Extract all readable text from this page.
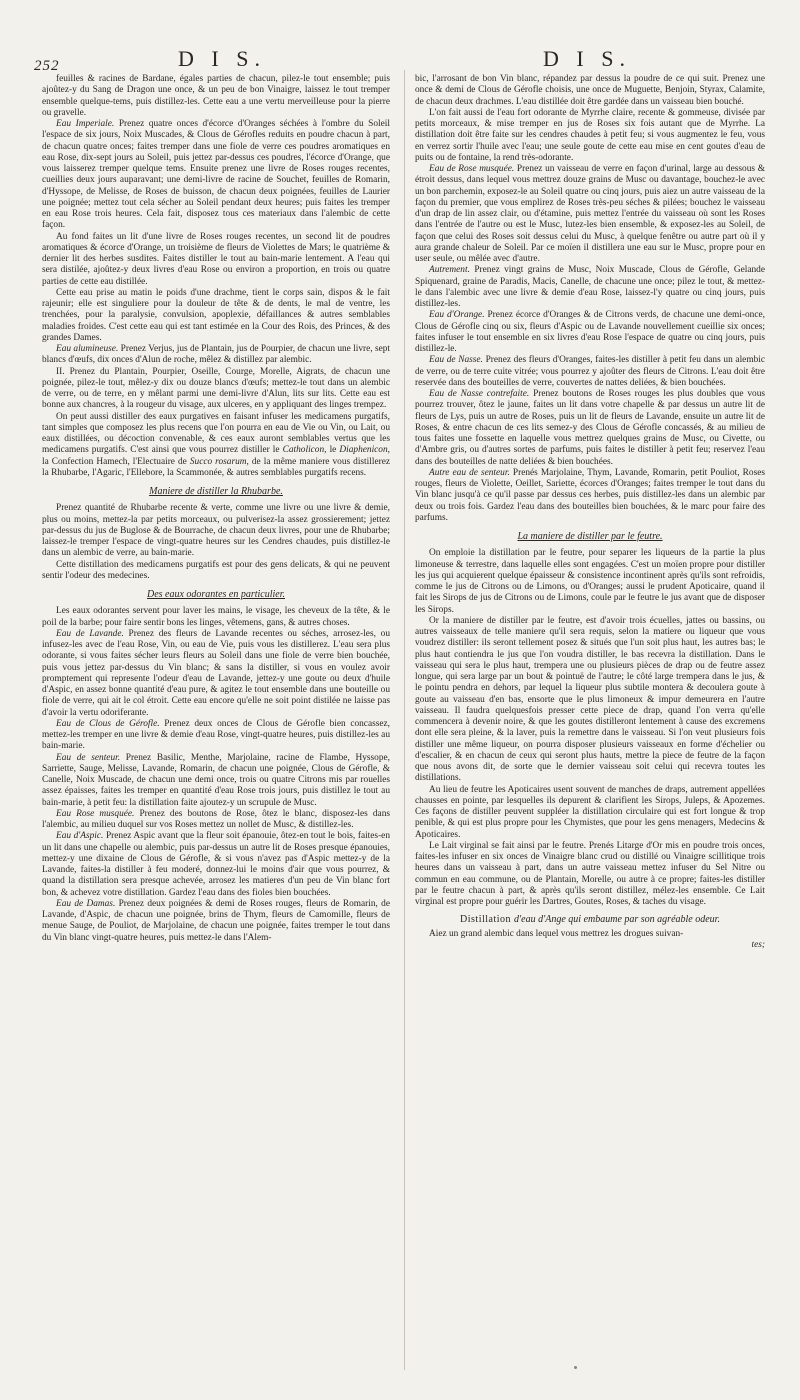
252	D I S.	D I S.

feuilles & racines de Bardane, égales parties de chacun, pilez-le tout ensemble; puis ajoûtez-y du Sang de Dragon une once, & un peu de bon Vinaigre, laissez le tout tremper ensemble quelque-tems, puis distillez-les. Cette eau a une vertu merveilleuse pour la pierre ou gravelle.

Eau Imperiale. Prenez quatre onces d'écorce d'Oranges séchées à l'ombre du Soleil l'espace de six jours, Noix Muscades, & Clous de Gérofles reduits en poudre chacun à part, de chacun quatre onces; faites tremper dans une fiole de verre ces poudres aromatiques en eau Rose, dix-sept jours au Soleil, puis jettez par-dessus ces poudres, l'écorce d'Orange, que vous laisserez tremper quelque tems. Ensuite prenez une livre de Roses rouges recentes, cueillies deux jours auparavant; une demi-livre de racine de Souchet, feuilles de Romarin, d'Hyssope, de Melisse, de Roses de buisson, de chacun deux poignées, feuilles de Laurier une poignée; mettez tout cela sécher au Soleil pendant deux heures; puis faites les tremper en eau Rose trois heures. Cela fait, disposez tous ces materiaux dans l'alembic de cette façon.

Au fond faites un lit d'une livre de Roses rouges recentes, un second lit de poudres aromatiques & écorce d'Orange, un troisième de fleurs de Violettes de Mars; le quatrième & dernier lit des herbes susdites. Faites distiller le tout au bain-marie lentement. A l'eau qui sera distilée, ajoûtez-y deux livres d'eau Rose ou environ a proportion, en trois ou quatre parties de cette eau distillée.

Cette eau prise au matin le poids d'une drachme, tient le corps sain, dispos & le fait rajeunir; elle est singuliere pour la douleur de tête & de dents, le mal de ventre, les trenchées, pour la paralysie, convulsion, apoplexie, défaillances & autres semblables maladies froides. C'est cette eau qui est tant estimée en la Cour des Rois, des Princes, & des grandes Dames.

Eau alumineuse. Prenez Verjus, jus de Plantain, jus de Pourpier, de chacun une livre, sept blancs d'œufs, dix onces d'Alun de roche, mêlez & distillez par alembic.

II. Prenez du Plantain, Pourpier, Oseille, Courge, Morelle, Aigrats, de chacun une poignée, pilez-le tout, mêlez-y dix ou douze blancs d'œufs; mettez-le tout dans un alembic de verre, ou de terre, en y mêlant parmi une demi-livre d'Alun, lits sur lits. Cette eau est bonne aux chancres, à la rougeur du visage, aux ulceres, en y appliquant des linges trempez.

On peut aussi distiller des eaux purgatives en faisant infuser les medicamens purgatifs, tant simples que composez les plus recens que l'on pourra en eau de Vie ou Vin, ou Lait, ou eaux distillées, ou décoction convenable, & ces eaux auront semblables vertus que les medicamens purgatifs. C'est ainsi que vous pourrez distiller le Catholicon, le Diaphenicon, la Confection Hamech, l'Electuaire de Succo rosarum, de la même maniere vous distillerez la Rhubarbe, l'Agaric, l'Ellebore, la Scammonée, & autres semblables purgatifs recens.

Maniere de distiller la Rhubarbe.

Prenez quantité de Rhubarbe recente & verte, comme une livre ou une livre & demie, plus ou moins, mettez-la par petits morceaux, ou pulverisez-la assez grossierement; jettez par-dessus du jus de Buglose & de Bourrache, de chacun deux livres, pour une de Rhubarbe; laissez-le tremper l'espace de vingt-quatre heures sur les Cendres chaudes, puis distillez-le dans un alembic de verre, au bain-marie.

Cette distillation des medicamens purgatifs est pour des gens delicats, & qui ne peuvent sentir l'odeur des medecines.

Des eaux odorantes en particulier.

Les eaux odorantes servent pour laver les mains, le visage, les cheveux de la tête, & le poil de la barbe; pour faire sentir bons les linges, vêtemens, gans, & autres choses.

Eau de Lavande. Prenez des fleurs de Lavande recentes ou séches, arrosez-les, ou infusez-les avec de l'eau Rose, Vin, ou eau de Vie, puis vous les distillerez. L'eau sera plus odorante, si vous faites sécher leurs fleurs au Soleil dans une fiole de verre bien bouchée, puis vous jettez par-dessus du Vin blanc; & sans la distiller, si vous en voulez avoir promptement qui represente l'odeur d'eau de Lavande, jettez-y une goute ou deux d'huile d'Aspic, en assez bonne quantité d'eau pure, & agitez le tout ensemble dans une bouteille ou fiole de verre, qui ait le col étroit. Cette eau encore qu'elle ne soit point distilée ne laisse pas d'avoir la vertu odoriferante.

Eau de Clous de Gérofle. Prenez deux onces de Clous de Gérofle bien concassez, mettez-les tremper en une livre & demie d'eau Rose, vingt-quatre heures, puis distillez-les au bain-marie.

Eau de senteur. Prenez Basilic, Menthe, Marjolaine, racine de Flambe, Hyssope, Sarriette, Sauge, Melisse, Lavande, Romarin, de chacun une poignée, Clous de Gérofle, & Canelle, Noix Muscade, de chacun une demi once, trois ou quatre Citrons mis par rouelles assez épaisses, faites les tremper en quantité d'eau Rose trois jours, puis distillez le tout au bain-marie, à petit feu: la distillation faite ajoutez-y un scrupule de Musc.

Eau Rose musquée. Prenez des boutons de Rose, ôtez le blanc, disposez-les dans l'alembic, au milieu duquel sur vos Roses mettez un nollet de Musc, & distillez-les.

Eau d'Aspic. Prenez Aspic avant que la fleur soit épanouie, ôtez-en tout le bois, faites-en un lit dans une chapelle ou alembic, puis par-dessus un autre lit de Roses presque épanouies, mettez-y une dixaine de Clous de Gérofle, & si vous n'avez pas d'Aspic mettez-y de la Lavande, faites-la distiller à feu moderé, donnez-lui le moins d'air que vous pourrez, & quand la distillation sera presque achevée, arrosez les matieres d'un peu de Vin blanc fort bon, & achevez votre distillation. Gardez l'eau dans des fioles bien bouchées.

Eau de Damas. Prenez deux poignées & demi de Roses rouges, fleurs de Romarin, de Lavande, d'Aspic, de chacun une poignée, brins de Thym, fleurs de Camomille, fleurs de menue Sauge, de Pouliot, de Marjolaine, de chacun une poignée, faites tremper le tout dans du Vin blanc vingt-quatre heures, puis mettez-le dans l'Alem-

bic, l'arrosant de bon Vin blanc, répandez par dessus la poudre de ce qui suit. Prenez une once & demi de Clous de Gérofle choisis, une once de Muguette, Benjoin, Styrax, Calamite, de chacun deux drachmes. L'eau distillée doit être gardée dans un vaisseau bien bouché.

L'on fait aussi de l'eau fort odorante de Myrrhe claire, recente & gommeuse, divisée par petits morceaux, & mise tremper en jus de Roses six fois autant que de Myrrhe. La distillation doit être faite sur les cendres chaudes à petit feu; si vous augmentez le feu, vous en verrez sortir l'huile avec l'eau; une seule goute de cette eau mise en cent goutes d'eau de puits ou de fontaine, la rend très-odorante.

Eau de Rose musquée. Prenez un vaisseau de verre en façon d'urinal, large au dessous & étroit dessus, dans lequel vous mettrez douze grains de Musc ou davantage, bouchez-le avec un bon parchemin, exposez-le au Soleil quatre ou cinq jours, puis aiez un autre vaisseau de la façon du premier, que vous emplirez de Roses très-peu séches & pilées; bouchez le vaisseau d'un drap de lin assez clair, ou d'étamine, puis mettez l'entrée du vaisseau où sont les Roses dans l'entrée de l'autre ou est le Musc, lutez-les bien ensemble, & exposez-les au Soleil, de façon que celui des Roses soit dessus celui du Musc, à quelque fenêtre ou autre part où il y aura grande chaleur de Soleil. Par ce moïen il distillera une eau sur le Musc, propre pour en user seule, ou mêlée avec d'autre.

Autrement. Prenez vingt grains de Musc, Noix Muscade, Clous de Gérofle, Gelande Spiquenard, graine de Paradis, Macis, Canelle, de chacune une once; pilez le tout, & mettez-le dans l'alembic avec une livre & demie d'eau Rose, laissez-l'y quatre ou cinq jours, puis distillez-les.

Eau d'Orange. Prenez écorce d'Oranges & de Citrons verds, de chacune une demi-once, Clous de Gérofle cinq ou six, fleurs d'Aspic ou de Lavande nouvellement cueillie six onces; faites infuser le tout ensemble en six livres d'eau Rose l'espace de quatre ou cinq jours, puis distillez-le.

Eau de Nasse. Prenez des fleurs d'Oranges, faites-les distiller à petit feu dans un alembic de verre, ou de terre cuite vitrée; vous pourrez y ajoûter des fleurs de Citrons. L'eau doit être reservée dans des bouteilles de verre, couvertes de nattes deliées, & bien bouchées.

Eau de Nasse contrefaite. Prenez boutons de Roses rouges les plus doubles que vous pourrez trouver, ôtez le jaune, faites un lit dans votre chapelle & par dessus un autre lit de fleurs de Lys, puis un autre de Roses, puis un lit de fleurs de Lavande, ensuite un autre lit de Roses, & entre chacun de ces lits semez-y des Clous de Gérofle concassés, & au milieu de tous faites une fossette en laquelle vous mettrez quelques grains de Musc, ou Civette, ou d'Ambre gris, ou d'autres sortes de parfums, puis faites le distiller à petit feu; reservez l'eau dans des bouteilles de natte deliées & bien bouchées.

Autre eau de senteur. Prenés Marjolaine, Thym, Lavande, Romarin, petit Pouliot, Roses rouges, fleurs de Violette, Oeillet, Sariette, écorces d'Oranges; faites tremper le tout dans du Vin blanc jusqu'à ce qu'il passe par dessus ces herbes, puis distillez-les dans un alembic par deux ou trois fois. Gardez l'eau dans des bouteilles bien bouchées, & le marc pour faire des parfums.

La maniere de distiller par le feutre.

On emploie la distillation par le feutre, pour separer les liqueurs de la partie la plus limoneuse & terrestre, dans laquelle elles sont engagées. C'est un moïen propre pour distiller les jus qui acquierent quelque épaisseur & consistence incontinent après qu'ils sont refroidis, comme le jus de Citrons ou de Limons, ou d'Oranges; aussi le prudent Apoticaire, quand il fait les Sirops de jus de Citrons ou de Limons, coule par le feutre le jus avant que de disposer les Sirops.

Or la maniere de distiller par le feutre, est d'avoir trois écuelles, jattes ou bassins, ou autres vaisseaux de telle maniere qu'il sera requis, selon la matiere ou liqueur que vous voudrez distiller: ils seront tellement posez & situés que l'un soit plus haut, les autres bas; le plus haut contiendra le jus que l'on voudra distiller, le bas recevra la distillation. Dans le vaisseau qui sera le plus haut, trempera une ou plusieurs pièces de drap ou de feutre assez longue, qui sera large par un bout & pointuë de l'autre; le côté large trempera dans le jus, & le pointu pendra en dehors, par lequel la liqueur plus subtile montera & decoulera goute à goute au vaisseau d'en bas, ensorte que le plus limoneux & impur demeurera en l'autre vaisseau. Il faudra quelquesfois presser cette piece de drap, quand l'on verra qu'elle commencera à devenir noire, & que les goutes distilleront lentement à cause des excremens dont elle sera pleine, & la laver, puis la remettre dans le vaisseau. Si l'on veut plusieurs fois distiller une même liqueur, on pourra disposer plusieurs vaisseaux en forme d'échelier ou d'escalier, & en chacun de ceux qui seront plus hauts, mettre la piece de feutre de la façon que nous avons dit, de sorte que le dernier vaisseau soit celui qui recevra toutes les distillations.

Au lieu de feutre les Apoticaires usent souvent de manches de draps, autrement appellées chausses en pointe, par lesquelles ils depurent & clarifient les Sirops, Juleps, & Apozemes. Ces façons de distiller peuvent suppléer la distillation circulaire qui est fort longue & trop penible, & qui est plus propre pour les Chymistes, que pour les gens menagers, Medecins & Apoticaires.

Le Lait virginal se fait ainsi par le feutre. Prenés Litarge d'Or mis en poudre trois onces, faites-les infuser en six onces de Vinaigre blanc crud ou distillé ou Vinaigre scillitique trois heures dans un vaisseau à part, dans un autre vaisseau mettez infuser du Sel Nitre ou commun en eau commune, ou de Plantain, Morelle, ou autre à ce propre; faites-les distiller par le feutre chacun à part, & après qu'ils seront distillez, mélez-les ensemble. Ce Lait virginal est propre pour guérir les Dartres, Goutes, Roses, & taches du visage.

Distillation d'eau d'Ange qui embaume par son agréable odeur.

Aiez un grand alembic dans lequel vous mettrez les drogues suivan-

tes;
